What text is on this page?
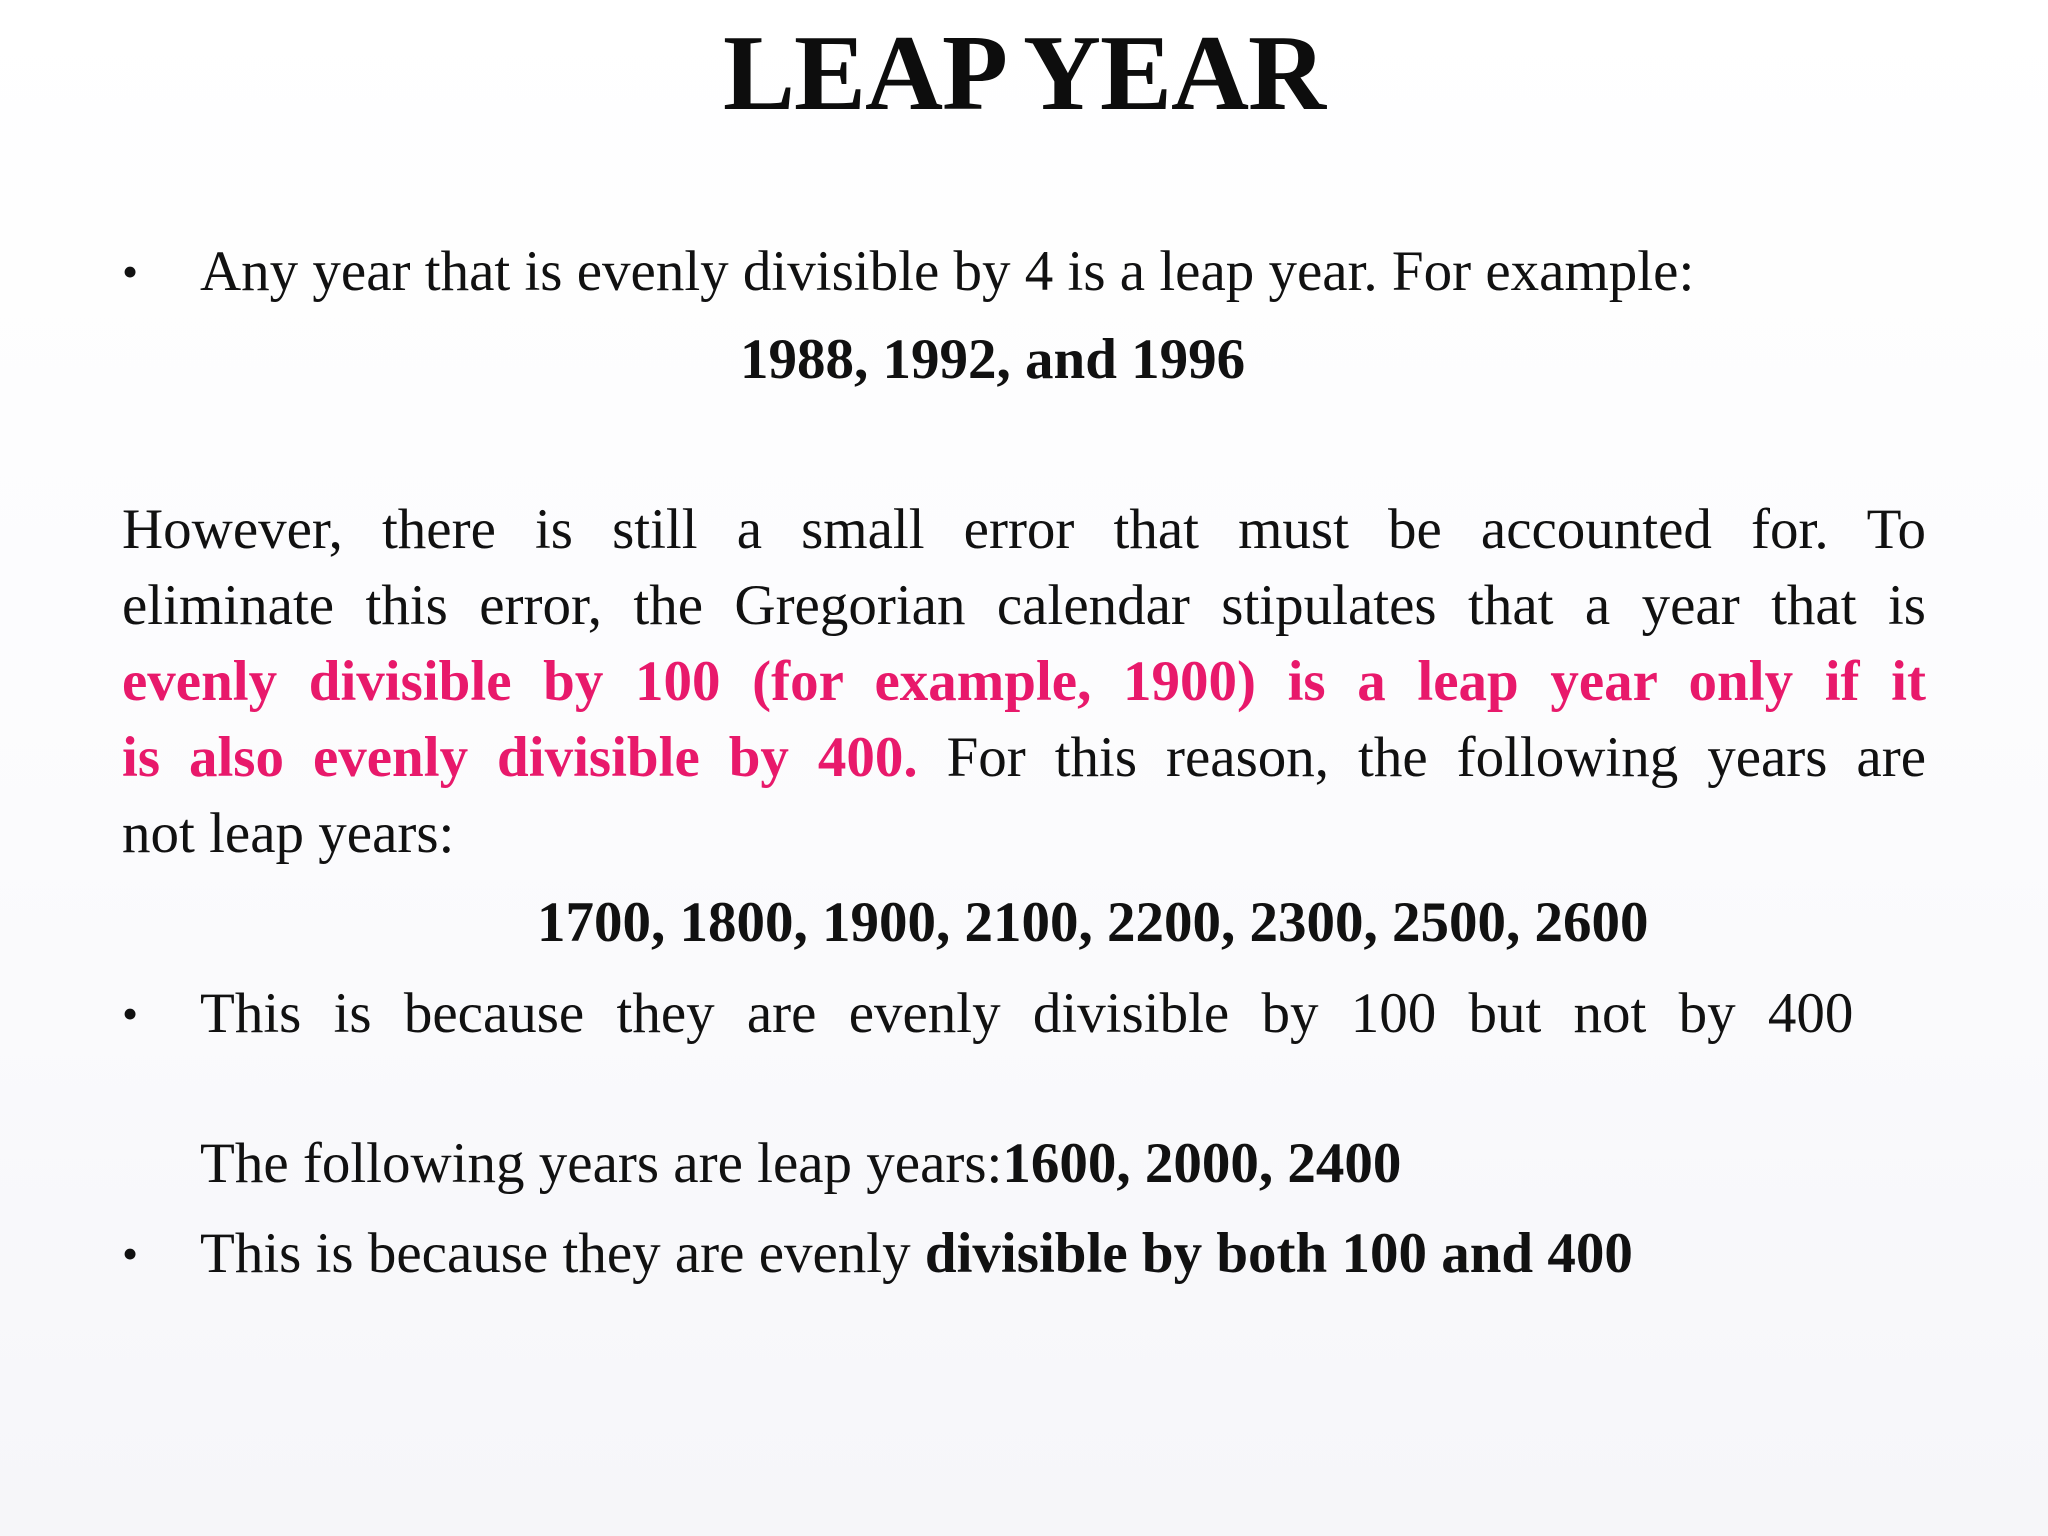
LEAP YEAR
•	Any year that is evenly divisible by 4 is a leap year. For example:
1988, 1992, and 1996
However, there is still a small error that must be accounted for. To
eliminate this error, the Gregorian calendar stipulates that a year that is
evenly divisible by 100 (for example, 1900) is a leap year only if it
is also evenly divisible by 400. For this reason, the following years are
not leap years:
1700, 1800, 1900, 2100, 2200, 2300, 2500, 2600
•	This is because they are evenly divisible by 100 but not by 400
The following years are leap years:1600, 2000, 2400
•	This is because they are evenly divisible by both 100 and 400
